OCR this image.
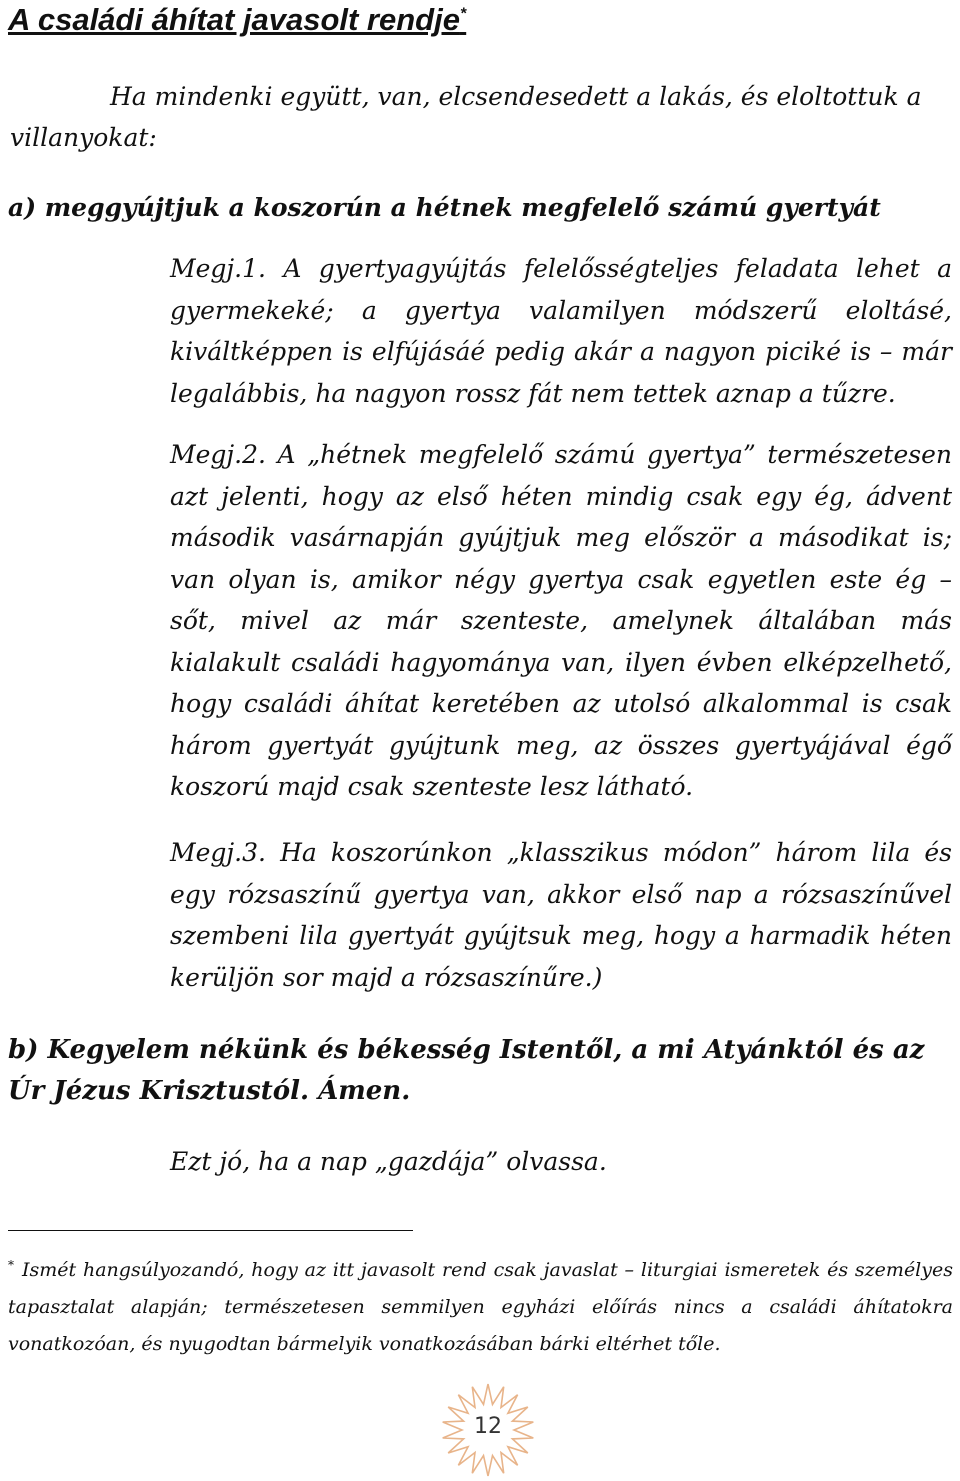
A családi áhítat javasolt rendje*

Ha mindenki együtt, van, elcsendesedett a lakás, és eloltottuk a villanyokat:

a) meggyújtjuk a koszorún a hétnek megfelelő számú gyertyát

Megj.1. A gyertyagyújtás felelősségteljes feladata lehet a gyermekeké; a gyertya valamilyen módszerű eloltásé, kiváltképpen is elfújásáé pedig akár a nagyon piciké is – már legalábbis, ha nagyon rossz fát nem tettek aznap a tűzre.

Megj.2. A „hétnek megfelelő számú gyertya” természetesen azt jelenti, hogy az első héten mindig csak egy ég, ádvent második vasárnapján gyújtjuk meg először a másodikat is; van olyan is, amikor négy gyertya csak egyetlen este ég – sőt, mivel az már szenteste, amelynek általában más kialakult családi hagyománya van, ilyen évben elképzelhető, hogy családi áhítat keretében az utolsó alkalommal is csak három gyertyát gyújtunk meg, az összes gyertyájával égő koszorú majd csak szenteste lesz látható.

Megj.3. Ha koszorúnkon „klasszikus módon” három lila és egy rózsaszínű gyertya van, akkor első nap a rózsaszínűvel szembeni lila gyertyát gyújtsuk meg, hogy a harmadik héten kerüljön sor majd a rózsaszínűre.)

b) Kegyelem nékünk és békesség Istentől, a mi Atyánktól és az Úr Jézus Krisztustól. Ámen.

Ezt jó, ha a nap „gazdája” olvassa.

* Ismét hangsúlyozandó, hogy az itt javasolt rend csak javaslat – liturgiai ismeretek és személyes tapasztalat alapján; természetesen semmilyen egyházi előírás nincs a családi áhítatokra vonatkozóan, és nyugodtan bármelyik vonatkozásában bárki eltérhet tőle.

12
